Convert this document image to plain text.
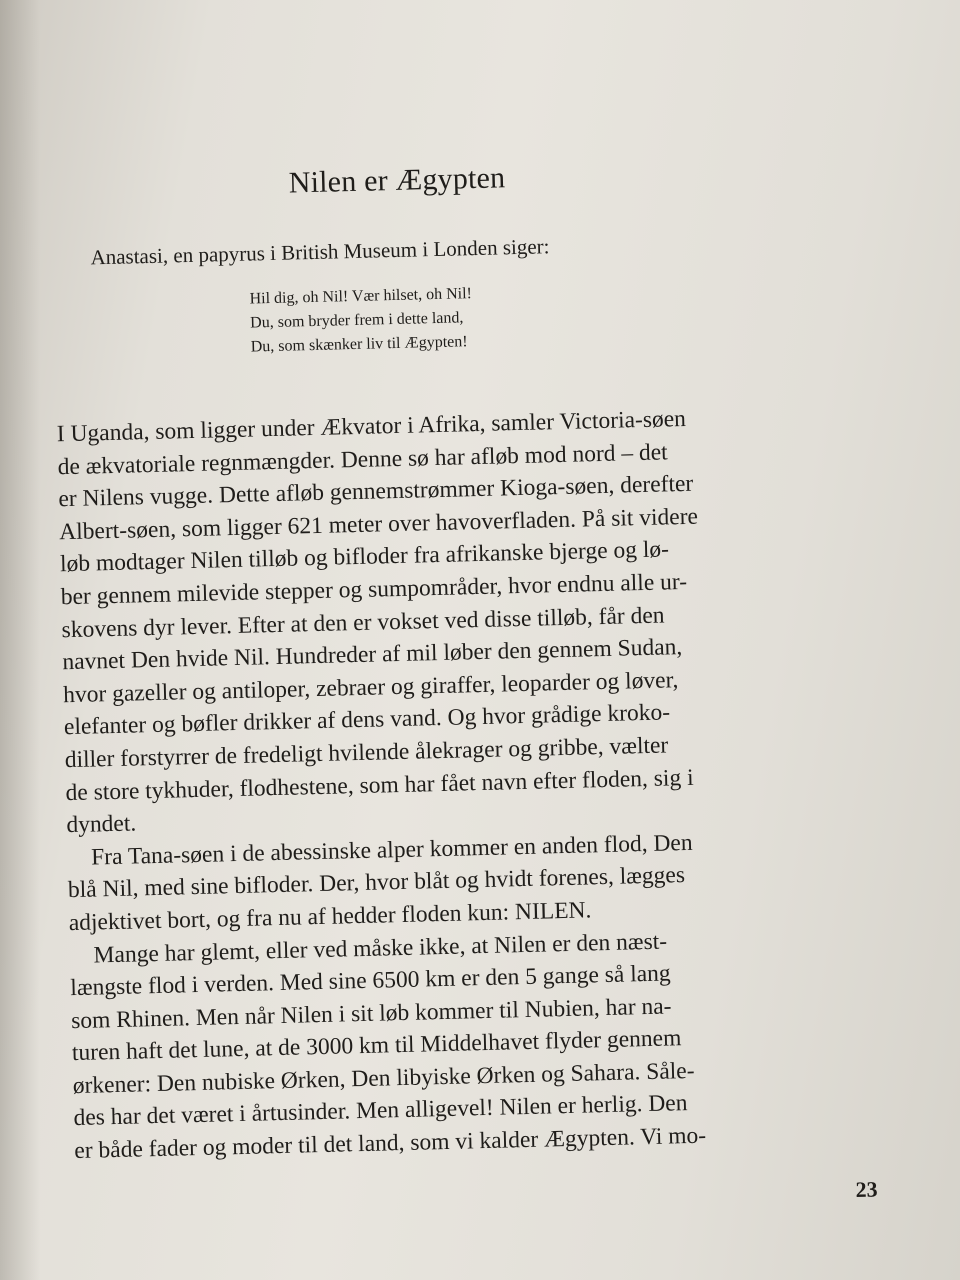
Nilen er Ægypten
Anastasi, en papyrus i British Museum i Londen siger:
Hil dig, oh Nil! Vær hilset, oh Nil!
Du, som bryder frem i dette land,
Du, som skænker liv til Ægypten!
I Uganda, som ligger under Ækvator i Afrika, samler Victoria-søen
de ækvatoriale regnmængder. Denne sø har afløb mod nord – det
er Nilens vugge. Dette afløb gennemstrømmer Kioga-søen, derefter
Albert-søen, som ligger 621 meter over havoverfladen. På sit videre
løb modtager Nilen tilløb og bifloder fra afrikanske bjerge og lø-
ber gennem milevide stepper og sumpområder, hvor endnu alle ur-
skovens dyr lever. Efter at den er vokset ved disse tilløb, får den
navnet Den hvide Nil. Hundreder af mil løber den gennem Sudan,
hvor gazeller og antiloper, zebraer og giraffer, leoparder og løver,
elefanter og bøfler drikker af dens vand. Og hvor grådige kroko-
diller forstyrrer de fredeligt hvilende ålekrager og gribbe, vælter
de store tykhuder, flodhestene, som har fået navn efter floden, sig i
dyndet.
Fra Tana-søen i de abessinske alper kommer en anden flod, Den
blå Nil, med sine bifloder. Der, hvor blåt og hvidt forenes, lægges
adjektivet bort, og fra nu af hedder floden kun: NILEN.
Mange har glemt, eller ved måske ikke, at Nilen er den næst-
længste flod i verden. Med sine 6500 km er den 5 gange så lang
som Rhinen. Men når Nilen i sit løb kommer til Nubien, har na-
turen haft det lune, at de 3000 km til Middelhavet flyder gennem
ørkener: Den nubiske Ørken, Den libyiske Ørken og Sahara. Såle-
des har det været i årtusinder. Men alligevel! Nilen er herlig. Den
er både fader og moder til det land, som vi kalder Ægypten. Vi mo-
23
